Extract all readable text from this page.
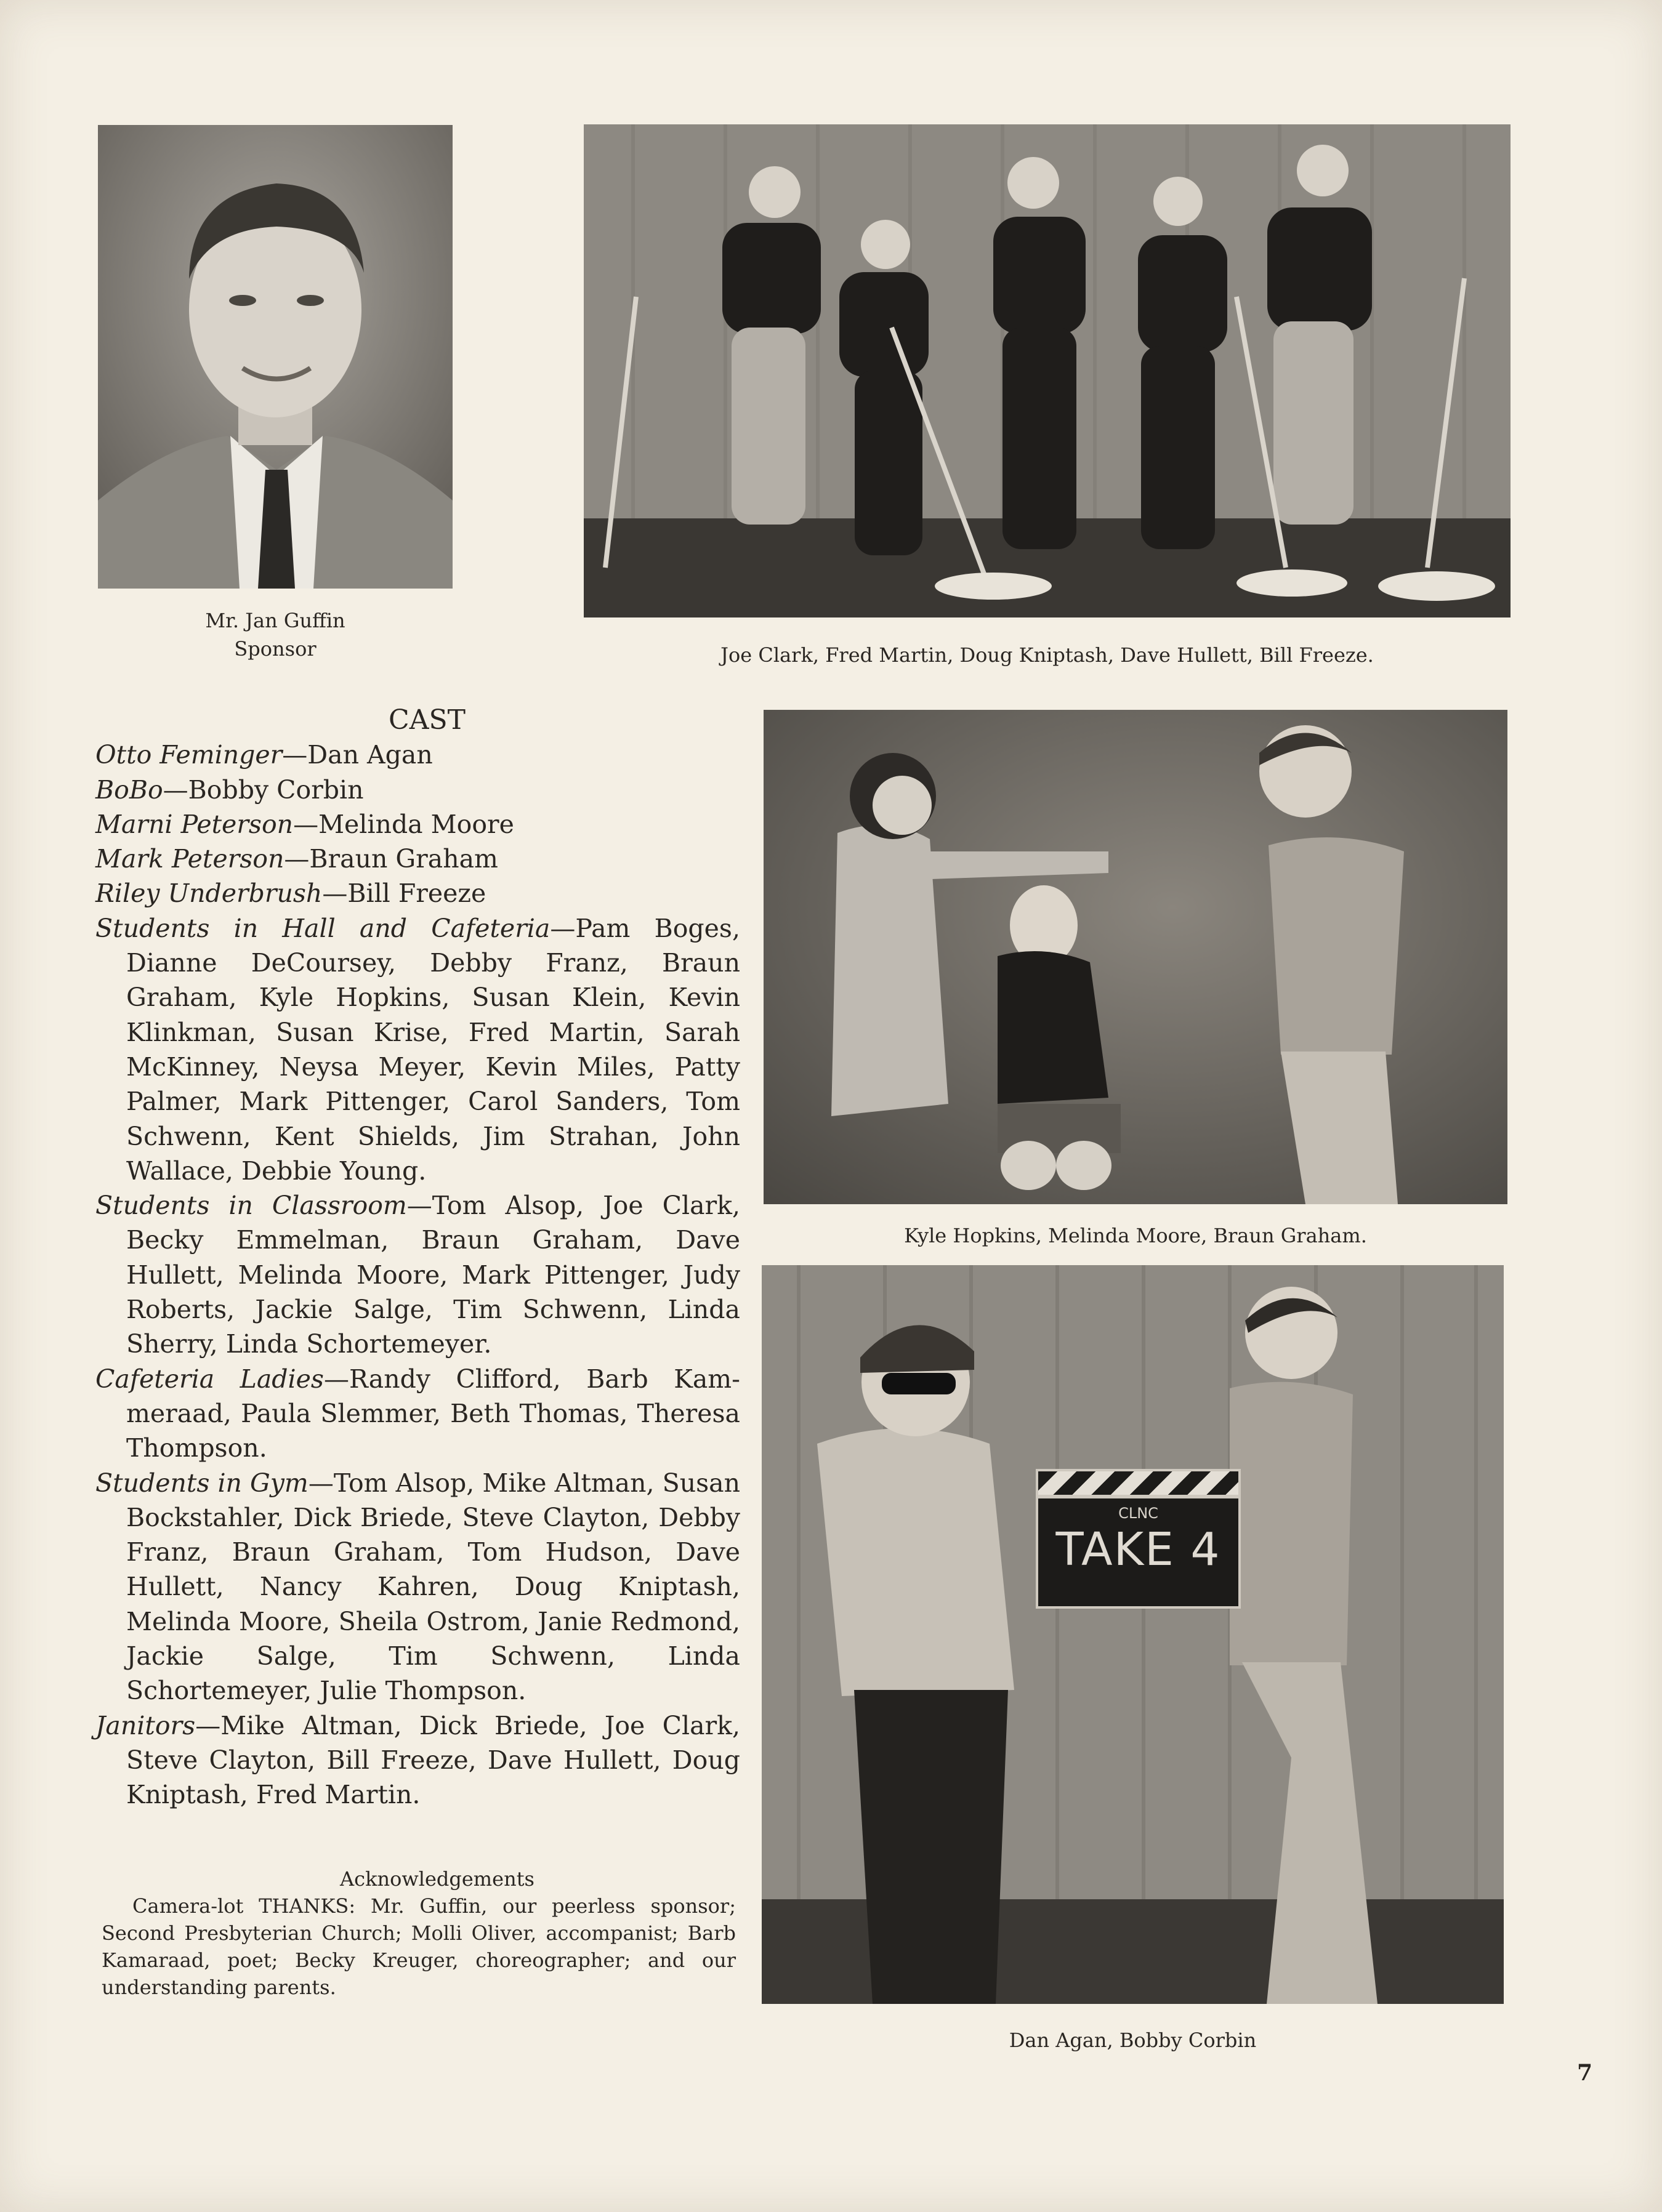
Mr. Jan Guffin
Sponsor	Joe Clark, Fred Martin, Doug Kniptash, Dave Hullett, Bill Freeze.
CAST
Otto Feminger—Dan Agan
BoBo—Bobby Corbin
Marni Peterson—Melinda Moore
Mark Peterson—Braun Graham
Riley Underbrush—Bill Freeze
Students in Hall and Cafeteria—Pam Boges, Dianne DeCoursey, Debby Franz, Braun Graham, Kyle Hopkins, Susan Klein, Kevin Klinkman, Susan Krise, Fred Martin, Sarah McKinney, Neysa Meyer, Kevin Miles, Patty Palmer, Mark Pittenger, Carol Sanders, Tom Schwenn, Kent Shields, Jim Strahan, John Wallace, Debbie Young.
Students in Classroom—Tom Alsop, Joe Clark, Becky Emmelman, Braun Graham, Dave Hullett, Melinda Moore, Mark Pittenger, Judy Roberts, Jackie Salge, Tim Schwenn, Linda Sherry, Linda Schortemeyer.
Cafeteria Ladies—Randy Clifford, Barb Kammeraad, Paula Slemmer, Beth Thomas, Theresa Thompson.
Students in Gym—Tom Alsop, Mike Altman, Susan Bockstahler, Dick Briede, Steve Clayton, Debby Franz, Braun Graham, Tom Hudson, Dave Hullett, Nancy Kahren, Doug Kniptash, Melinda Moore, Sheila Ostrom, Janie Redmond, Jackie Salge, Tim Schwenn, Linda Schortemeyer, Julie Thompson.
Janitors—Mike Altman, Dick Briede, Joe Clark, Steve Clayton, Bill Freeze, Dave Hullett, Doug Kniptash, Fred Martin.
Kyle Hopkins, Melinda Moore, Braun Graham.
CLNC
TAKE 4
Dan Agan, Bobby Corbin
Acknowledgements
Camera-lot THANKS: Mr. Guffin, our peerless sponsor; Second Presbyterian Church; Molli Oliver, accompanist; Barb Kamaraad, poet; Becky Kreuger, choreographer; and our understanding parents.
7
